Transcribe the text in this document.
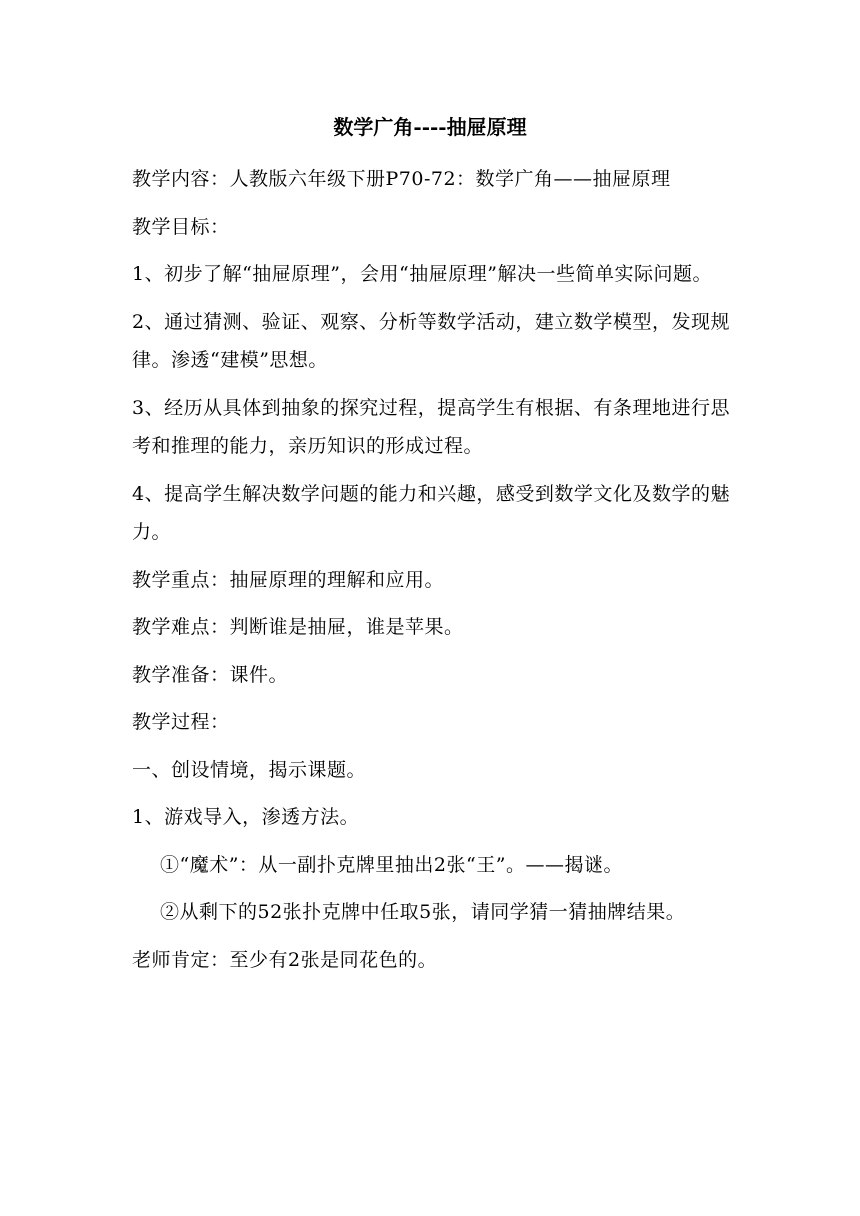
数学广角----抽屉原理

教学内容：人教版六年级下册P70-72：数学广角——抽屉原理

教学目标：

1、初步了解“抽屉原理”，会用“抽屉原理”解决一些简单实际问题。

2、通过猜测、验证、观察、分析等数学活动，建立数学模型，发现规律。渗透“建模”思想。

3、经历从具体到抽象的探究过程，提高学生有根据、有条理地进行思考和推理的能力，亲历知识的形成过程。

4、提高学生解决数学问题的能力和兴趣，感受到数学文化及数学的魅力。

教学重点：抽屉原理的理解和应用。

教学难点：判断谁是抽屉，谁是苹果。

教学准备：课件。

教学过程：

一、创设情境，揭示课题。

1、游戏导入，渗透方法。

①“魔术”：从一副扑克牌里抽出2张“王”。——揭谜。

②从剩下的52张扑克牌中任取5张，请同学猜一猜抽牌结果。

老师肯定：至少有2张是同花色的。
